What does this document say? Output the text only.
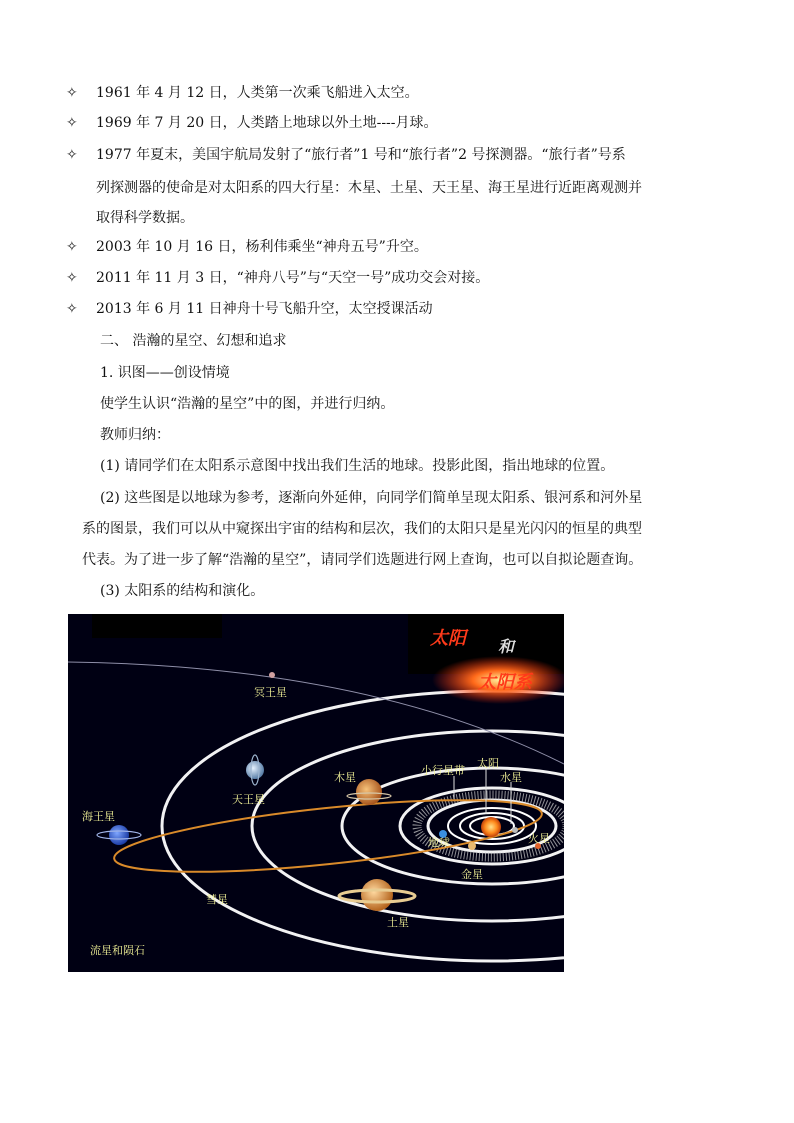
✧ 1961 年 4 月 12 日，人类第一次乘飞船进入太空。
✧ 1969 年 7 月 20 日，人类踏上地球以外土地----月球。
✧ 1977 年夏末，美国宇航局发射了“旅行者”1 号和“旅行者”2 号探测器。“旅行者”号系
列探测器的使命是对太阳系的四大行星：木星、土星、天王星、海王星进行近距离观测并
取得科学数据。
✧ 2003 年 10 月 16 日，杨利伟乘坐“神舟五号”升空。
✧ 2011 年 11 月 3 日，“神舟八号”与“天空一号”成功交会对接。
✧ 2013 年 6 月 11 日神舟十号飞船升空，太空授课活动
二、 浩瀚的星空、幻想和追求
1. 识图——创设情境
使学生认识“浩瀚的星空”中的图，并进行归纳。
教师归纳：
(1) 请同学们在太阳系示意图中找出我们生活的地球。投影此图，指出地球的位置。
(2) 这些图是以地球为参考，逐渐向外延伸，向同学们简单呈现太阳系、银河系和河外星
系的图景，我们可以从中窥探出宇宙的结构和层次，我们的太阳只是星光闪闪的恒星的典型
代表。为了进一步了解“浩瀚的星空”，请同学们选题进行网上查询，也可以自拟论题查询。
(3) 太阳系的结构和演化。
太阳 和
太阳系
冥王星
天王星
海王星
木星
小行星带
太阳
水星
地球	火星
金星
彗星
土星
流星和陨石
